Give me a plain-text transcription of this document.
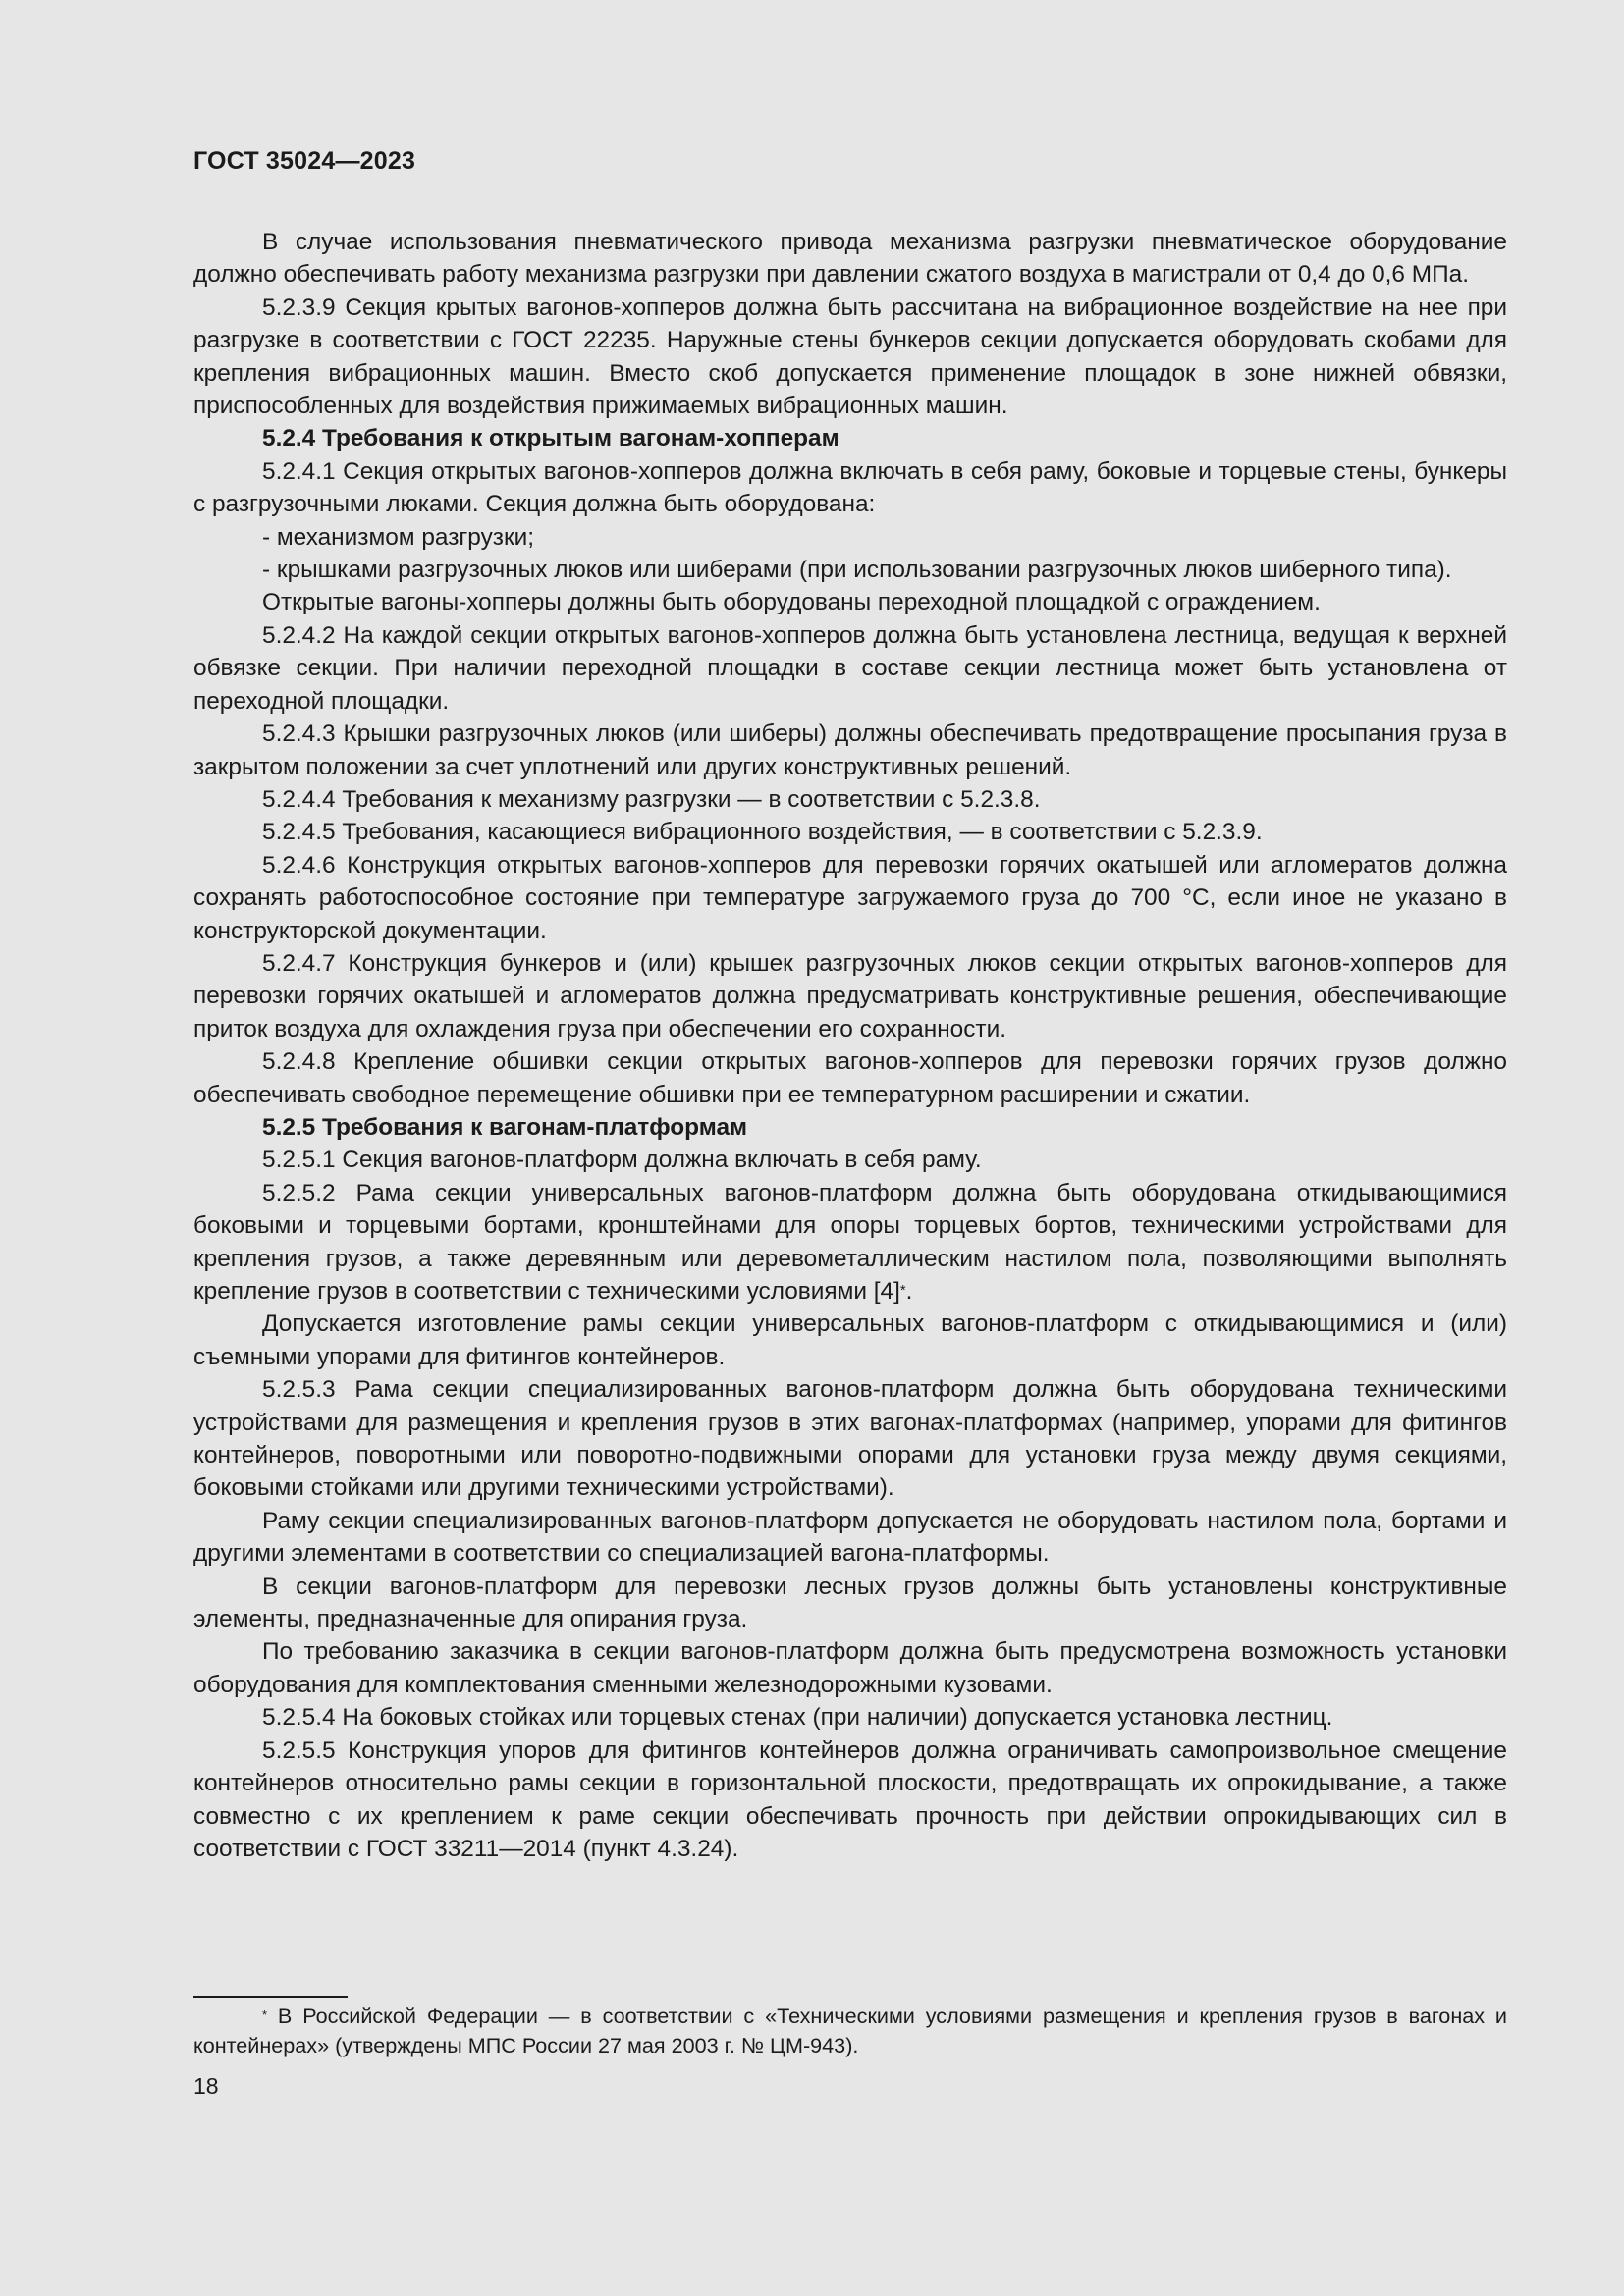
ГОСТ 35024—2023

В случае использования пневматического привода механизма разгрузки пневматическое оборудование должно обеспечивать работу механизма разгрузки при давлении сжатого воздуха в магистрали от 0,4 до 0,6 МПа.

5.2.3.9 Секция крытых вагонов-хопперов должна быть рассчитана на вибрационное воздействие на нее при разгрузке в соответствии с ГОСТ 22235. Наружные стены бункеров секции допускается оборудовать скобами для крепления вибрационных машин. Вместо скоб допускается применение площадок в зоне нижней обвязки, приспособленных для воздействия прижимаемых вибрационных машин.

5.2.4 Требования к открытым вагонам-хопперам

5.2.4.1 Секция открытых вагонов-хопперов должна включать в себя раму, боковые и торцевые стены, бункеры с разгрузочными люками. Секция должна быть оборудована:

- механизмом разгрузки;

- крышками разгрузочных люков или шиберами (при использовании разгрузочных люков шиберного типа).

Открытые вагоны-хопперы должны быть оборудованы переходной площадкой с ограждением.

5.2.4.2 На каждой секции открытых вагонов-хопперов должна быть установлена лестница, ведущая к верхней обвязке секции. При наличии переходной площадки в составе секции лестница может быть установлена от переходной площадки.

5.2.4.3 Крышки разгрузочных люков (или шиберы) должны обеспечивать предотвращение просыпания груза в закрытом положении за счет уплотнений или других конструктивных решений.

5.2.4.4 Требования к механизму разгрузки — в соответствии с 5.2.3.8.

5.2.4.5 Требования, касающиеся вибрационного воздействия, — в соответствии с 5.2.3.9.

5.2.4.6 Конструкция открытых вагонов-хопперов для перевозки горячих окатышей или агломератов должна сохранять работоспособное состояние при температуре загружаемого груза до 700 °С, если иное не указано в конструкторской документации.

5.2.4.7 Конструкция бункеров и (или) крышек разгрузочных люков секции открытых вагонов-хопперов для перевозки горячих окатышей и агломератов должна предусматривать конструктивные решения, обеспечивающие приток воздуха для охлаждения груза при обеспечении его сохранности.

5.2.4.8 Крепление обшивки секции открытых вагонов-хопперов для перевозки горячих грузов должно обеспечивать свободное перемещение обшивки при ее температурном расширении и сжатии.

5.2.5 Требования к вагонам-платформам

5.2.5.1 Секция вагонов-платформ должна включать в себя раму.

5.2.5.2 Рама секции универсальных вагонов-платформ должна быть оборудована откидывающимися боковыми и торцевыми бортами, кронштейнами для опоры торцевых бортов, техническими устройствами для крепления грузов, а также деревянным или деревометаллическим настилом пола, позволяющими выполнять крепление грузов в соответствии с техническими условиями [4]*.

Допускается изготовление рамы секции универсальных вагонов-платформ с откидывающимися и (или) съемными упорами для фитингов контейнеров.

5.2.5.3 Рама секции специализированных вагонов-платформ должна быть оборудована техническими устройствами для размещения и крепления грузов в этих вагонах-платформах (например, упорами для фитингов контейнеров, поворотными или поворотно-подвижными опорами для установки груза между двумя секциями, боковыми стойками или другими техническими устройствами).

Раму секции специализированных вагонов-платформ допускается не оборудовать настилом пола, бортами и другими элементами в соответствии со специализацией вагона-платформы.

В секции вагонов-платформ для перевозки лесных грузов должны быть установлены конструктивные элементы, предназначенные для опирания груза.

По требованию заказчика в секции вагонов-платформ должна быть предусмотрена возможность установки оборудования для комплектования сменными железнодорожными кузовами.

5.2.5.4 На боковых стойках или торцевых стенах (при наличии) допускается установка лестниц.

5.2.5.5 Конструкция упоров для фитингов контейнеров должна ограничивать самопроизвольное смещение контейнеров относительно рамы секции в горизонтальной плоскости, предотвращать их опрокидывание, а также совместно с их креплением к раме секции обеспечивать прочность при действии опрокидывающих сил в соответствии с ГОСТ 33211—2014 (пункт 4.3.24).

* В Российской Федерации — в соответствии с «Техническими условиями размещения и крепления грузов в вагонах и контейнерах» (утверждены МПС России 27 мая 2003 г. № ЦМ-943).
18
